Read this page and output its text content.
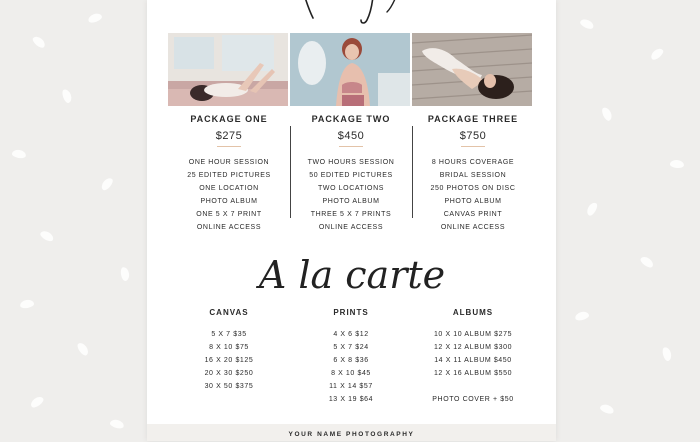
PACKAGE ONE
$275
ONE HOUR SESSION
25 EDITED PICTURES
ONE LOCATION
PHOTO ALBUM
ONE 5 X 7 PRINT
ONLINE ACCESS
PACKAGE TWO
$450
TWO HOURS SESSION
50 EDITED PICTURES
TWO LOCATIONS
PHOTO ALBUM
THREE 5 X 7 PRINTS
ONLINE ACCESS
PACKAGE THREE
$750
8 HOURS COVERAGE
BRIDAL SESSION
250 PHOTOS ON DISC
PHOTO ALBUM
CANVAS PRINT
ONLINE ACCESS
A la carte
CANVAS
5 X 7 $35
8 X 10 $75
16 X 20 $125
20 X 30 $250
30 X 50 $375
PRINTS
4 X 6 $12
5 X 7 $24
6 X 8 $36
8 X 10 $45
11 X 14 $57
13 X 19 $64
ALBUMS
10 X 10 ALBUM $275
12 X 12 ALBUM $300
14 X 11 ALBUM $450
12 X 16 ALBUM $550
PHOTO COVER + $50
YOUR NAME PHOTOGRAPHY
